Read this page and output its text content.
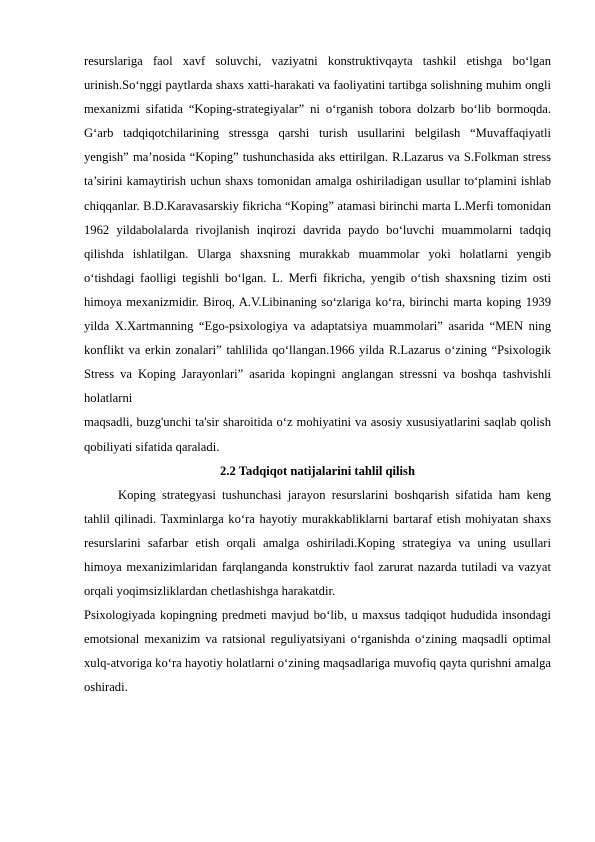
resurslariga faol xavf soluvchi, vaziyatni konstruktivqayta tashkil etishga bo‘lgan urinish.So‘nggi paytlarda shaxs xatti-harakati va faoliyatini tartibga solishning muhim ongli mexanizmi sifatida “Koping-strategiyalar” ni o‘rganish tobora dolzarb bo‘lib bormoqda. G‘arb tadqiqotchilarining stressga qarshi turish usullarini belgilash “Muvaffaqiyatli yengish” ma’nosida “Koping” tushunchasida aks ettirilgan. R.Lazarus va S.Folkman stress ta’sirini kamaytirish uchun shaxs tomonidan amalga oshiriladigan usullar to‘plamini ishlab chiqqanlar. B.D.Karavasarskiy fikricha “Koping” atamasi birinchi marta L.Merfi tomonidan 1962 yildabolalarda rivojlanish inqirozi davrida paydo bo‘luvchi muammolarni tadqiq qilishda ishlatilgan. Ularga shaxsning murakkab muammolar yoki holatlarni yengib o‘tishdagi faolligi tegishli bo‘lgan. L. Merfi fikricha, yengib o‘tish shaxsning tizim osti himoya mexanizmidir. Biroq, A.V.Libinaning so‘zlariga ko‘ra, birinchi marta koping 1939 yilda X.Xartmanning “Ego-psixologiya va adaptatsiya muammolari” asarida “MEN ning konflikt va erkin zonalari” tahlilida qo‘llangan.1966 yilda R.Lazarus o‘zining “Psixologik Stress va Koping Jarayonlari” asarida kopingni anglangan stressni va boshqa tashvishli holatlarni

maqsadli, buzg'unchi ta'sir sharoitida o‘z mohiyatini va asosiy xususiyatlarini saqlab qolish qobiliyati sifatida qaraladi.

2.2 Tadqiqot natijalarini tahlil qilish

Koping strategyasi tushunchasi jarayon resurslarini boshqarish sifatida ham keng tahlil qilinadi. Taxminlarga ko‘ra hayotiy murakkabliklarni bartaraf etish mohiyatan shaxs resurslarini safarbar etish orqali amalga oshiriladi.Koping strategiya va uning usullari himoya mexanizimlaridan farqlanganda konstruktiv faol zarurat nazarda tutiladi va vazyat orqali yoqimsizliklardan chetlashishga harakatdir.

Psixologiyada kopingning predmeti mavjud bo‘lib, u maxsus tadqiqot hududida insondagi emotsional mexanizim va ratsional reguliyatsiyani o‘rganishda o‘zining maqsadli optimal xulq-atvoriga ko‘ra hayotiy holatlarni o‘zining maqsadlariga muvofiq qayta qurishni amalga oshiradi.
